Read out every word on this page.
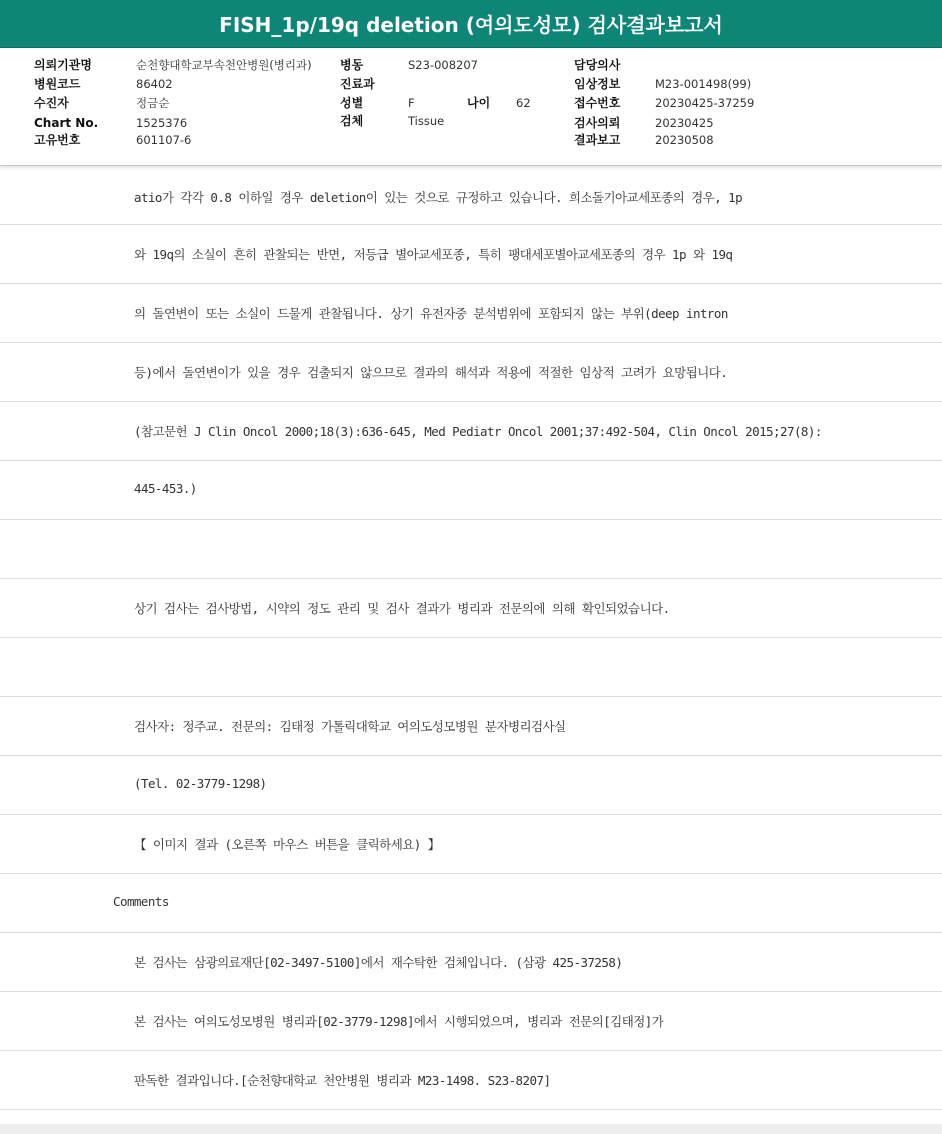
FISH_1p/19q deletion (여의도성모) 검사결과보고서
의뢰기관명	순천향대학교부속천안병원(병리과)
병원코드	86402
수진자	정금순
Chart No.	1525376
고유번호	601107-6
병동	S23-008207
진료과
성별	F	나이 62
검체	Tissue
담당의사
임상정보	M23-001498(99)
접수번호	20230425-37259
검사의뢰	20230425
결과보고	20230508
atio가 각각 0.8 이하일 경우 deletion이 있는 것으로 규정하고 있습니다. 희소돌기아교세포종의 경우, 1p
와 19q의 소실이 흔히 관찰되는 반면, 저등급 별아교세포종, 특히 팽대세포별아교세포종의 경우 1p 와 19q
의 돌연변이 또는 소실이 드물게 관찰됩니다. 상기 유전자중 분석범위에 포함되지 않는 부위(deep intron
등)에서 돌연변이가 있을 경우 검출되지 않으므로 결과의 해석과 적용에 적절한 임상적 고려가 요망됩니다.
(참고문헌 J Clin Oncol 2000;18(3):636-645, Med Pediatr Oncol 2001;37:492-504, Clin Oncol 2015;27(8):
445-453.)
상기 검사는 검사방법, 시약의 정도 관리 및 검사 결과가 병리과 전문의에 의해 확인되었습니다.
검사자: 정주교. 전문의: 김태정 가톨릭대학교 여의도성모병원 분자병리검사실
(Tel. 02-3779-1298)
【 이미지 결과 (오른쪽 마우스 버튼을 클릭하세요) 】
Comments
본 검사는 삼광의료재단[02-3497-5100]에서 재수탁한 검체입니다. (삼광 425-37258)
본 검사는 여의도성모병원 병리과[02-3779-1298]에서 시행되었으며, 병리과 전문의[김태정]가
판독한 결과입니다.[순천향대학교 천안병원 병리과 M23-1498. S23-8207]
